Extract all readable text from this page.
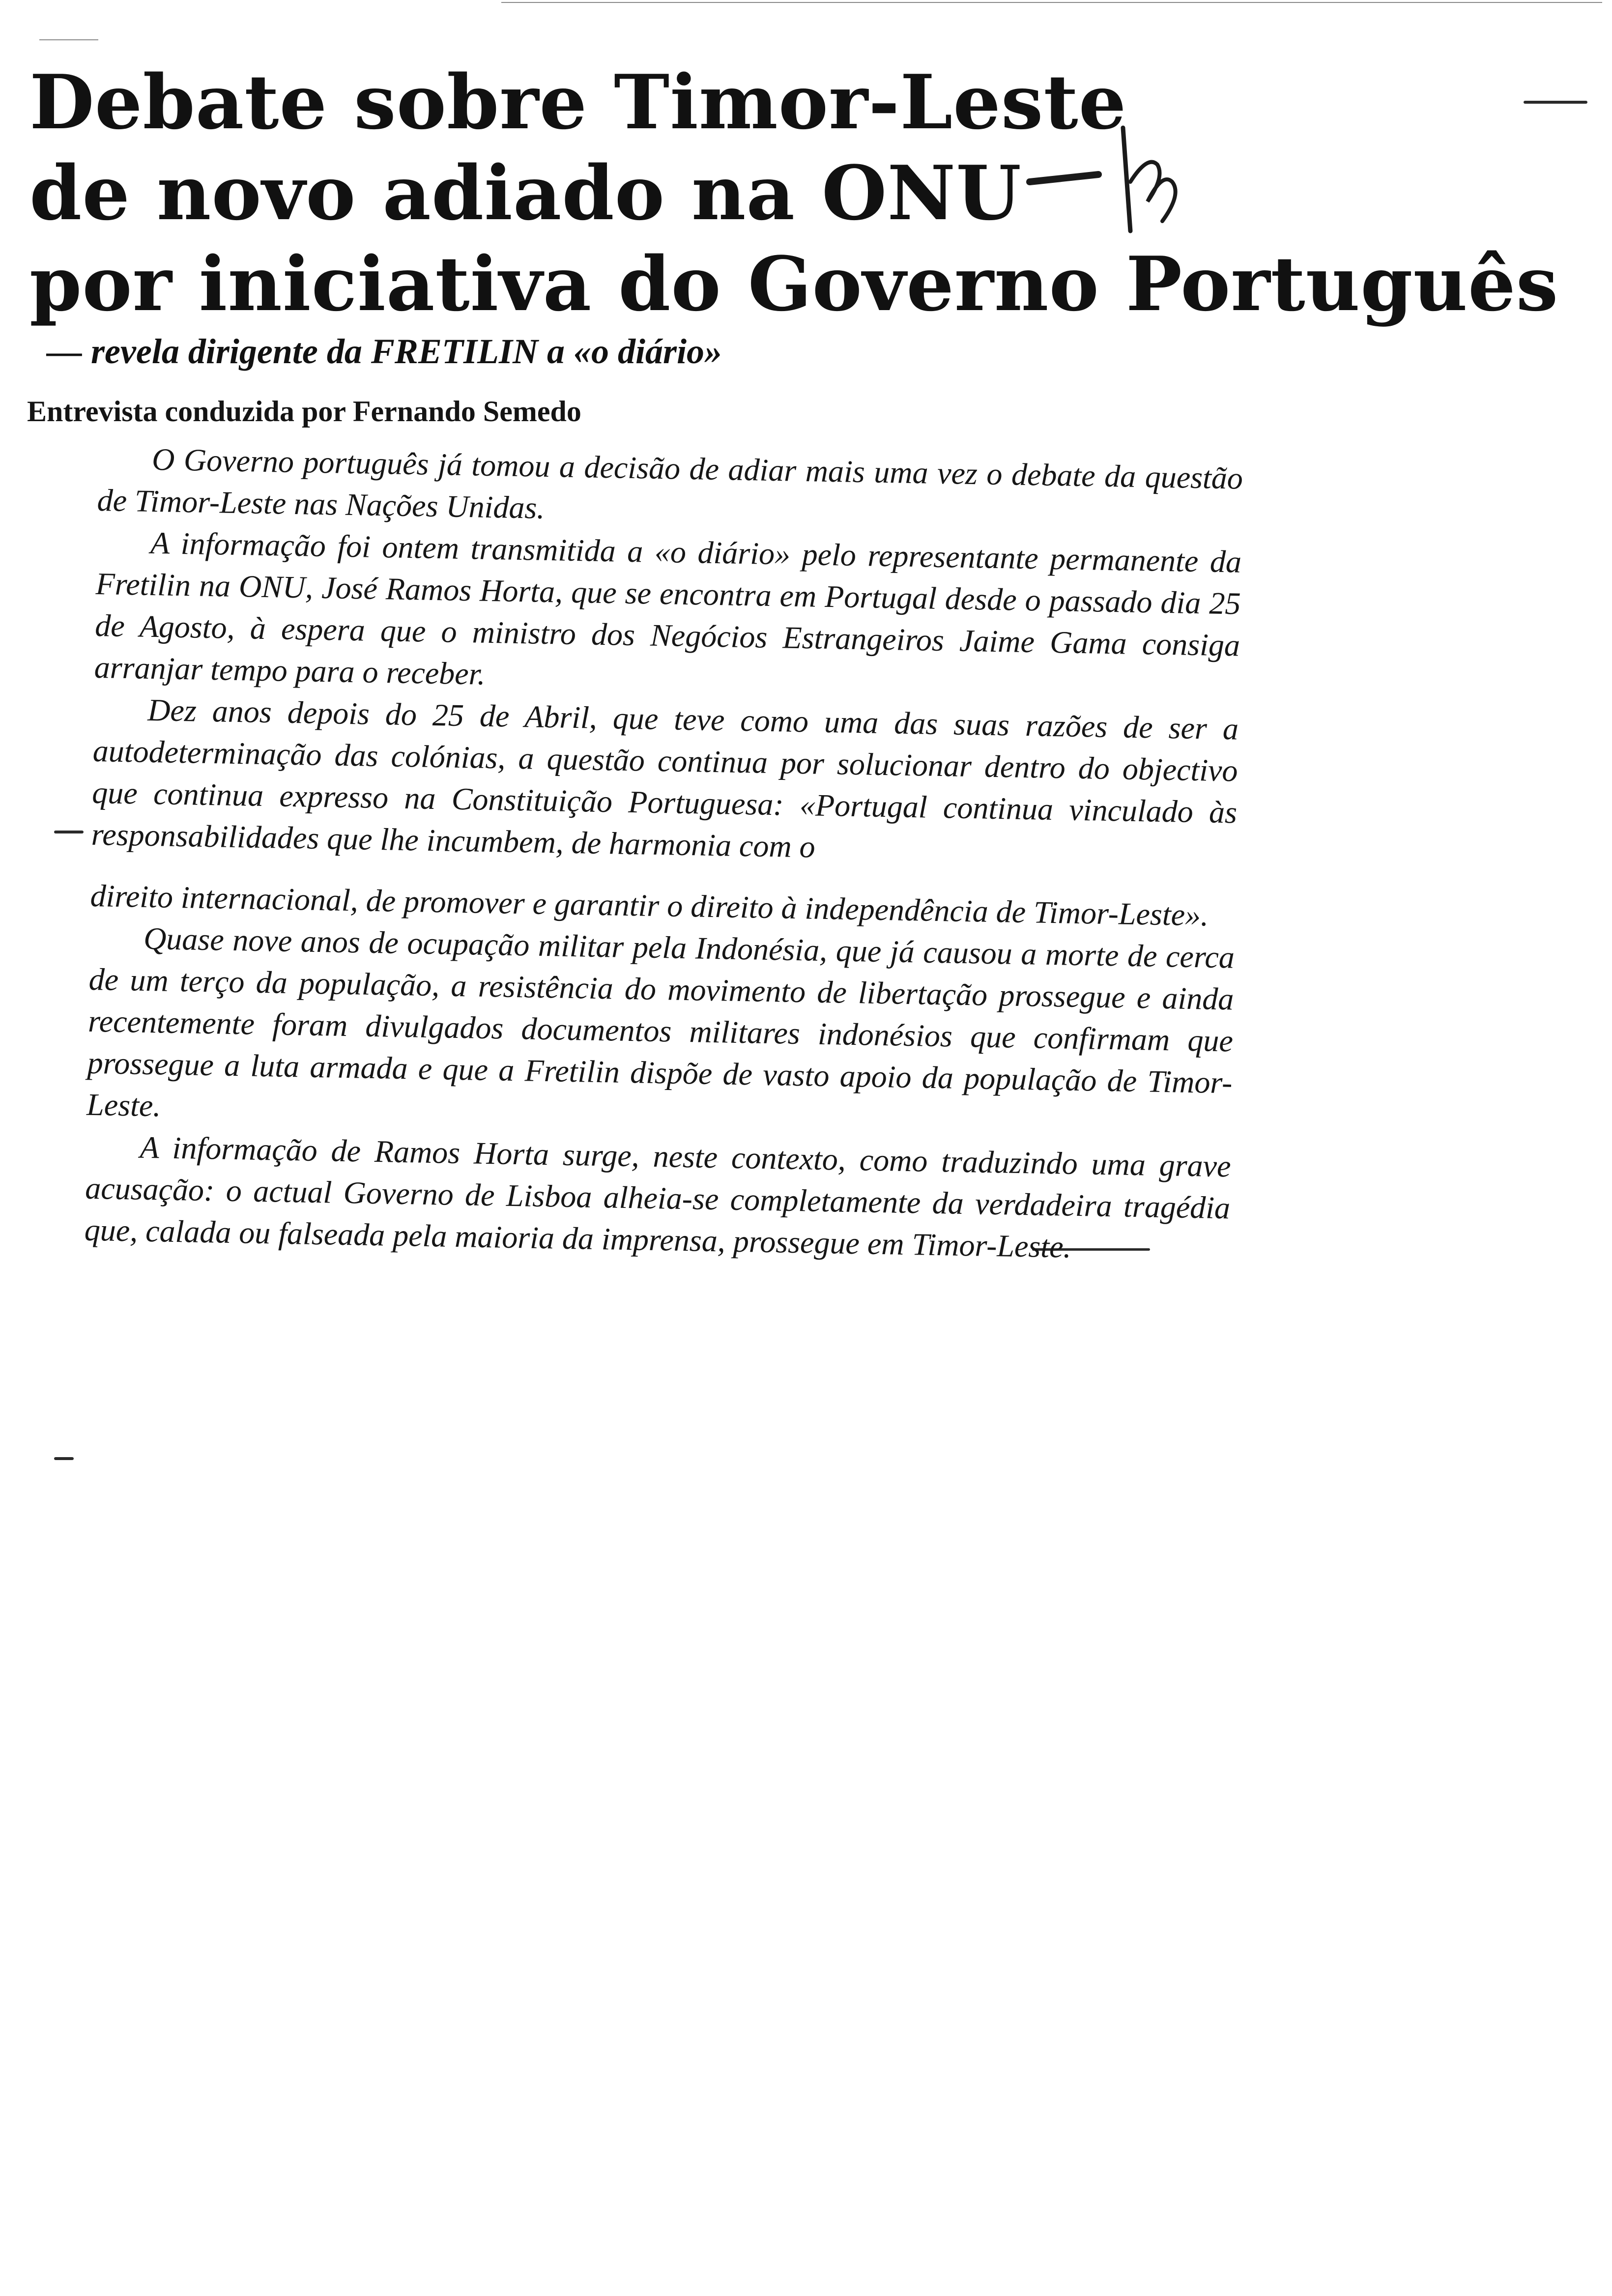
Debate sobre Timor-Leste
de novo adiado na ONU
por iniciativa do Governo Português
— revela dirigente da FRETILIN a «o diário»
Entrevista conduzida por Fernando Semedo

O Governo português já tomou a decisão de adiar mais uma vez o debate da questão de Timor-Leste nas Nações Unidas.

A informação foi ontem transmitida a «o diário» pelo representante permanente da Fretilin na ONU, José Ramos Horta, que se encontra em Portugal desde o passado dia 25 de Agosto, à espera que o ministro dos Negócios Estrangeiros Jaime Gama consiga arranjar tempo para o receber.

Dez anos depois do 25 de Abril, que teve como uma das suas razões de ser a autodeterminação das colónias, a questão continua por solucionar dentro do objectivo que continua expresso na Constituição Portuguesa: «Portugal continua vinculado às responsabilidades que lhe incumbem, de harmonia com o

direito internacional, de promover e garantir o direito à independência de Timor-Leste».

Quase nove anos de ocupação militar pela Indonésia, que já causou a morte de cerca de um terço da população, a resistência do movimento de libertação prossegue e ainda recentemente foram divulgados documentos militares indonésios que confirmam que prossegue a luta armada e que a Fretilin dispõe de vasto apoio da população de Timor-Leste.

A informação de Ramos Horta surge, neste contexto, como traduzindo uma grave acusação: o actual Governo de Lisboa alheia-se completamente da verdadeira tragédia que, calada ou falseada pela maioria da imprensa, prossegue em Timor-Leste.
